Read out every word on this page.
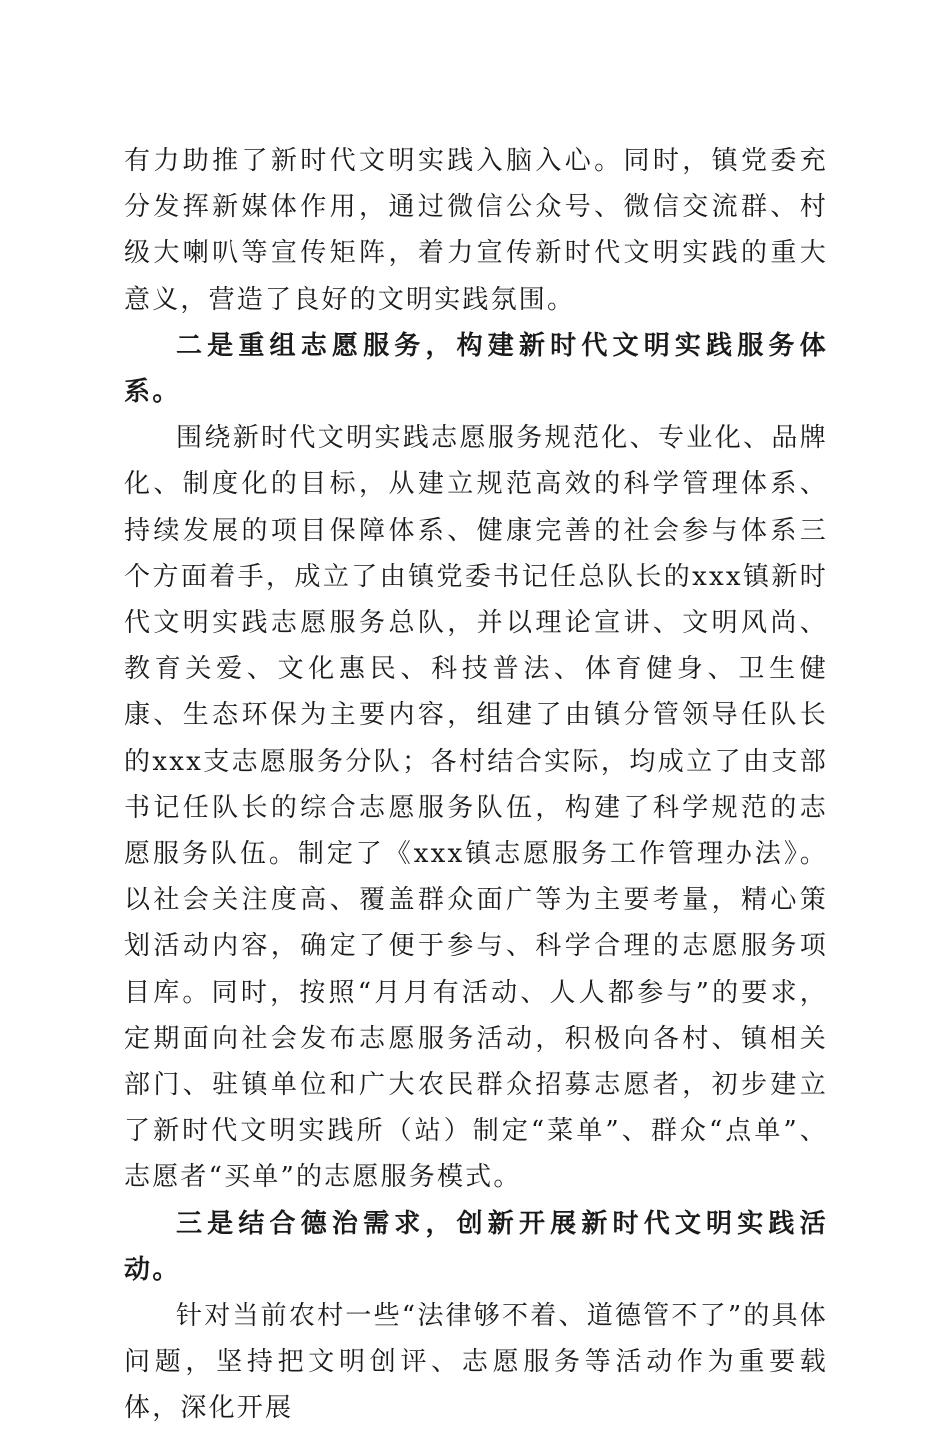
有力助推了新时代文明实践入脑入心。同时，镇党委充分发挥新媒体作用，通过微信公众号、微信交流群、村级大喇叭等宣传矩阵，着力宣传新时代文明实践的重大意义，营造了良好的文明实践氛围。

二是重组志愿服务，构建新时代文明实践服务体系。

围绕新时代文明实践志愿服务规范化、专业化、品牌化、制度化的目标，从建立规范高效的科学管理体系、持续发展的项目保障体系、健康完善的社会参与体系三个方面着手，成立了由镇党委书记任总队长的xxx镇新时代文明实践志愿服务总队，并以理论宣讲、文明风尚、教育关爱、文化惠民、科技普法、体育健身、卫生健康、生态环保为主要内容，组建了由镇分管领导任队长的xxx支志愿服务分队；各村结合实际，均成立了由支部书记任队长的综合志愿服务队伍，构建了科学规范的志愿服务队伍。制定了《xxx镇志愿服务工作管理办法》。以社会关注度高、覆盖群众面广等为主要考量，精心策划活动内容，确定了便于参与、科学合理的志愿服务项目库。同时，按照“月月有活动、人人都参与”的要求，定期面向社会发布志愿服务活动，积极向各村、镇相关部门、驻镇单位和广大农民群众招募志愿者，初步建立了新时代文明实践所（站）制定“菜单”、群众“点单”、志愿者“买单”的志愿服务模式。

三是结合德治需求，创新开展新时代文明实践活动。

针对当前农村一些“法律够不着、道德管不了”的具体问题，坚持把文明创评、志愿服务等活动作为重要载体，深化开展
